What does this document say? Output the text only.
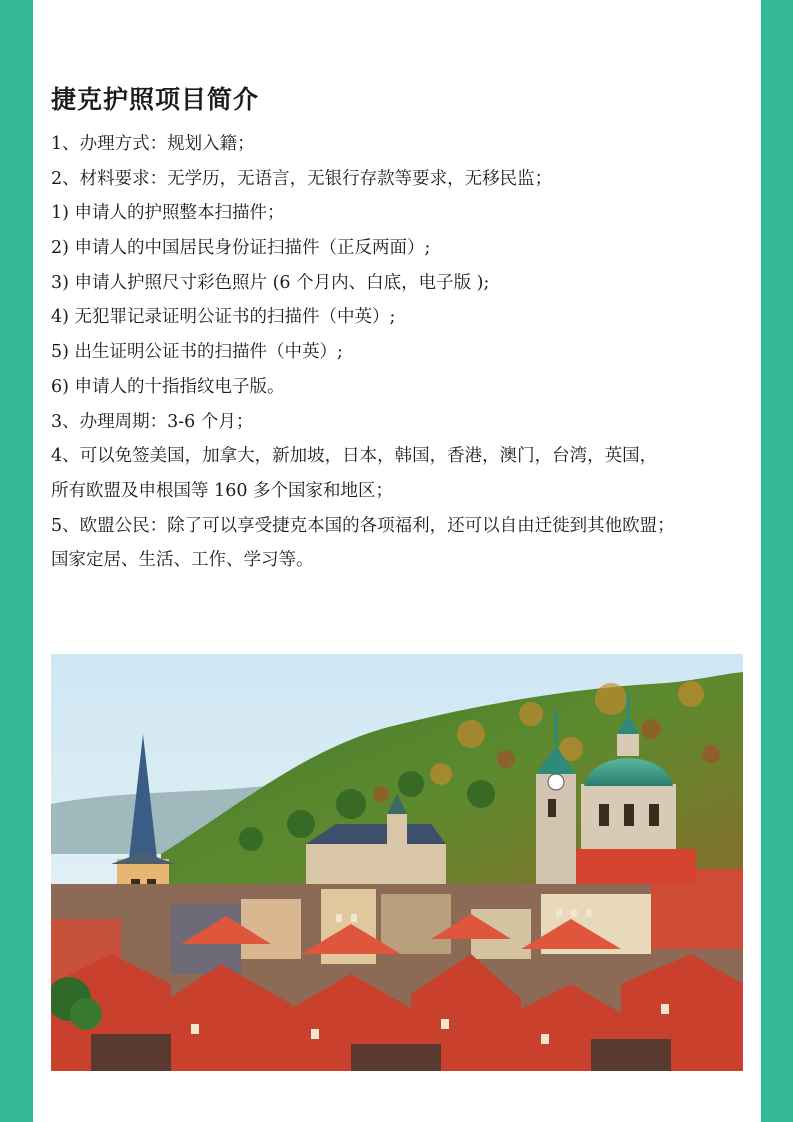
捷克护照项目简介
1、办理方式：规划入籍；
2、材料要求：无学历，无语言，无银行存款等要求，无移民监；
1) 申请人的护照整本扫描件；
2) 申请人的中国居民身份证扫描件（正反两面）;
3) 申请人护照尺寸彩色照片 (6 个月内、白底，电子版 );
4) 无犯罪记录证明公证书的扫描件（中英）;
5) 出生证明公证书的扫描件（中英）;
6) 申请人的十指指纹电子版。
3、办理周期：3-6 个月；
4、可以免签美国，加拿大，新加坡，日本，韩国，香港，澳门，台湾，英国，
所有欧盟及申根国等 160 多个国家和地区；
5、欧盟公民：除了可以享受捷克本国的各项福利，还可以自由迁徙到其他欧盟；
国家定居、生活、工作、学习等。
